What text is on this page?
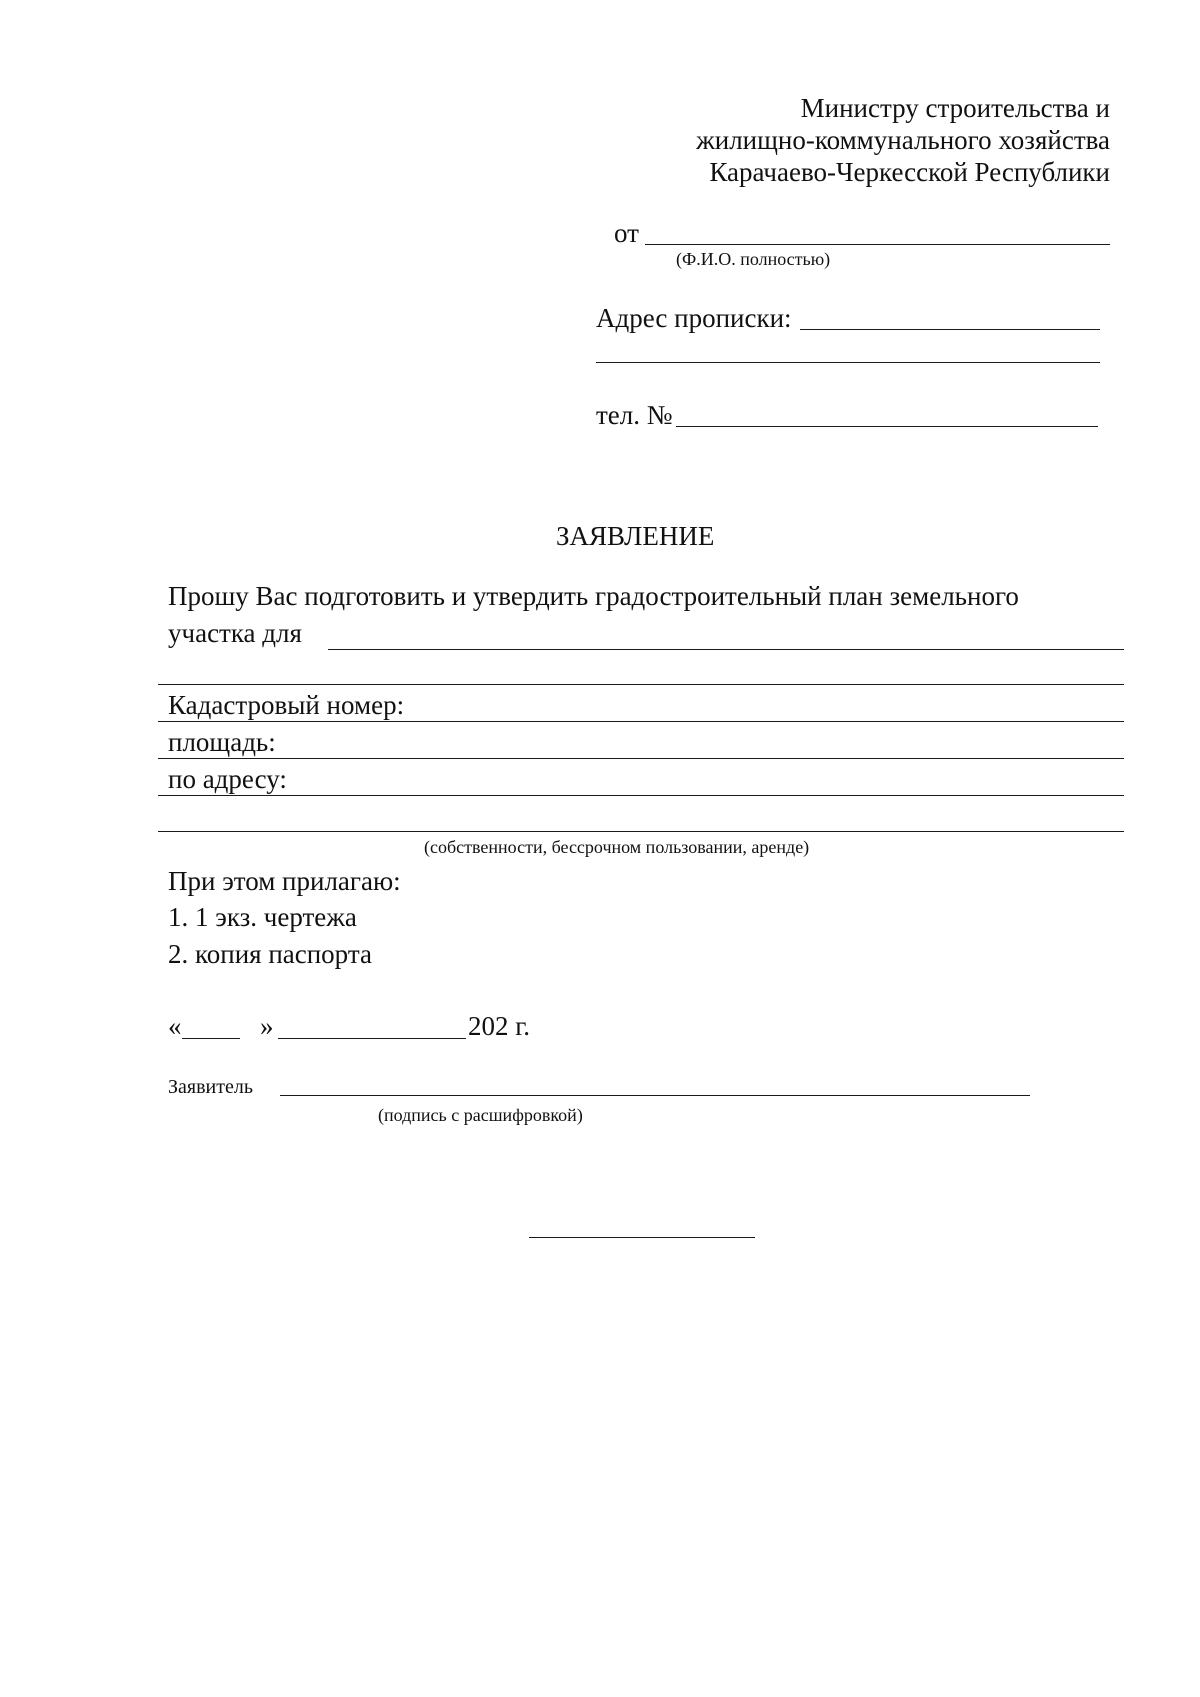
Министру строительства и
жилищно-коммунального хозяйства
Карачаево-Черкесской Республики
от
(Ф.И.О. полностью)
Адрес прописки:
тел. №
ЗАЯВЛЕНИЕ
Прошу Вас подготовить и утвердить градостроительный план земельного
участка для
Кадастровый номер:
площадь:
по адресу:
(собственности, бессрочном пользовании, аренде)
При этом прилагаю:
1. 1 экз. чертежа
2. копия паспорта
«	»	202 г.
Заявитель
(подпись с расшифровкой)
